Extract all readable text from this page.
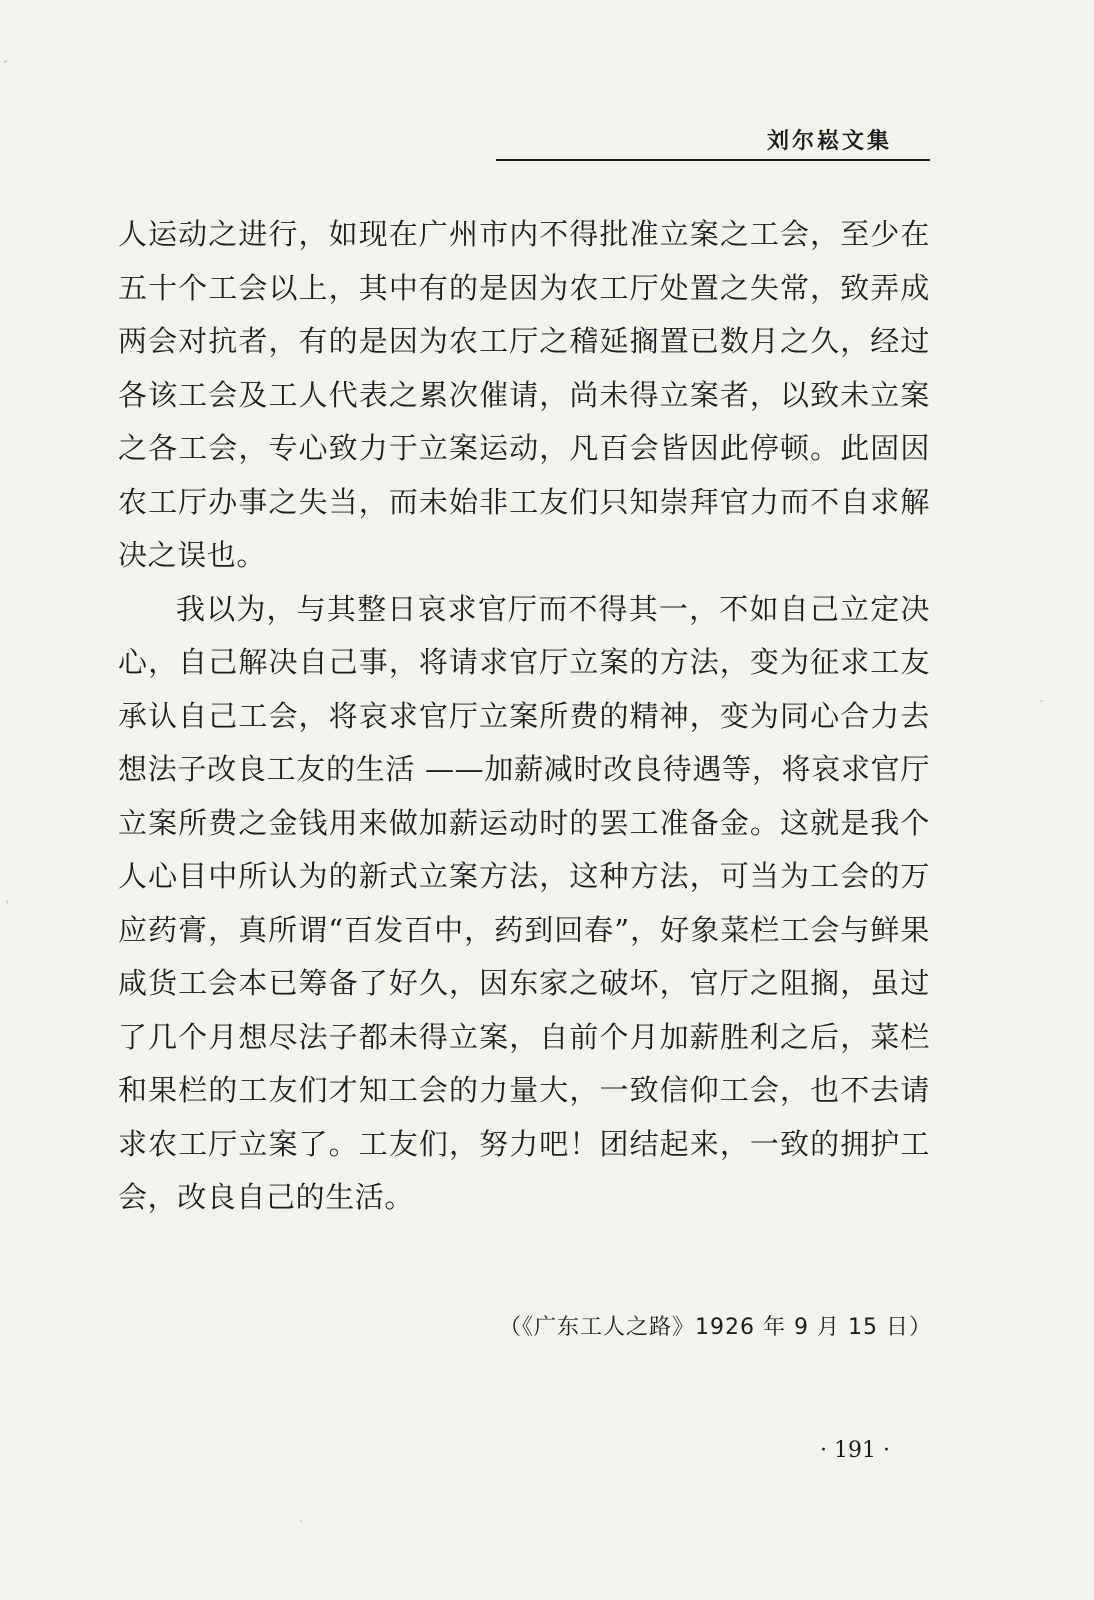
刘尔崧文集

人运动之进行，如现在广州市内不得批准立案之工会，至少在五十个工会以上，其中有的是因为农工厅处置之失常，致弄成两会对抗者，有的是因为农工厅之稽延搁置已数月之久，经过各该工会及工人代表之累次催请，尚未得立案者，以致未立案之各工会，专心致力于立案运动，凡百会皆因此停顿。此固因农工厅办事之失当，而未始非工友们只知崇拜官力而不自求解决之误也。

我以为，与其整日哀求官厅而不得其一，不如自己立定决心，自己解决自己事，将请求官厅立案的方法，变为征求工友承认自己工会，将哀求官厅立案所费的精神，变为同心合力去想法子改良工友的生活 ——加薪减时改良待遇等，将哀求官厅立案所费之金钱用来做加薪运动时的罢工准备金。这就是我个人心目中所认为的新式立案方法，这种方法，可当为工会的万应药膏，真所谓“百发百中，药到回春”，好象菜栏工会与鲜果咸货工会本已筹备了好久，因东家之破坏，官厅之阻搁，虽过了几个月想尽法子都未得立案，自前个月加薪胜利之后，菜栏和果栏的工友们才知工会的力量大，一致信仰工会，也不去请求农工厅立案了。工友们，努力吧！团结起来，一致的拥护工会，改良自己的生活。

（《广东工人之路》1926 年 9 月 15 日）
· 191 ·
